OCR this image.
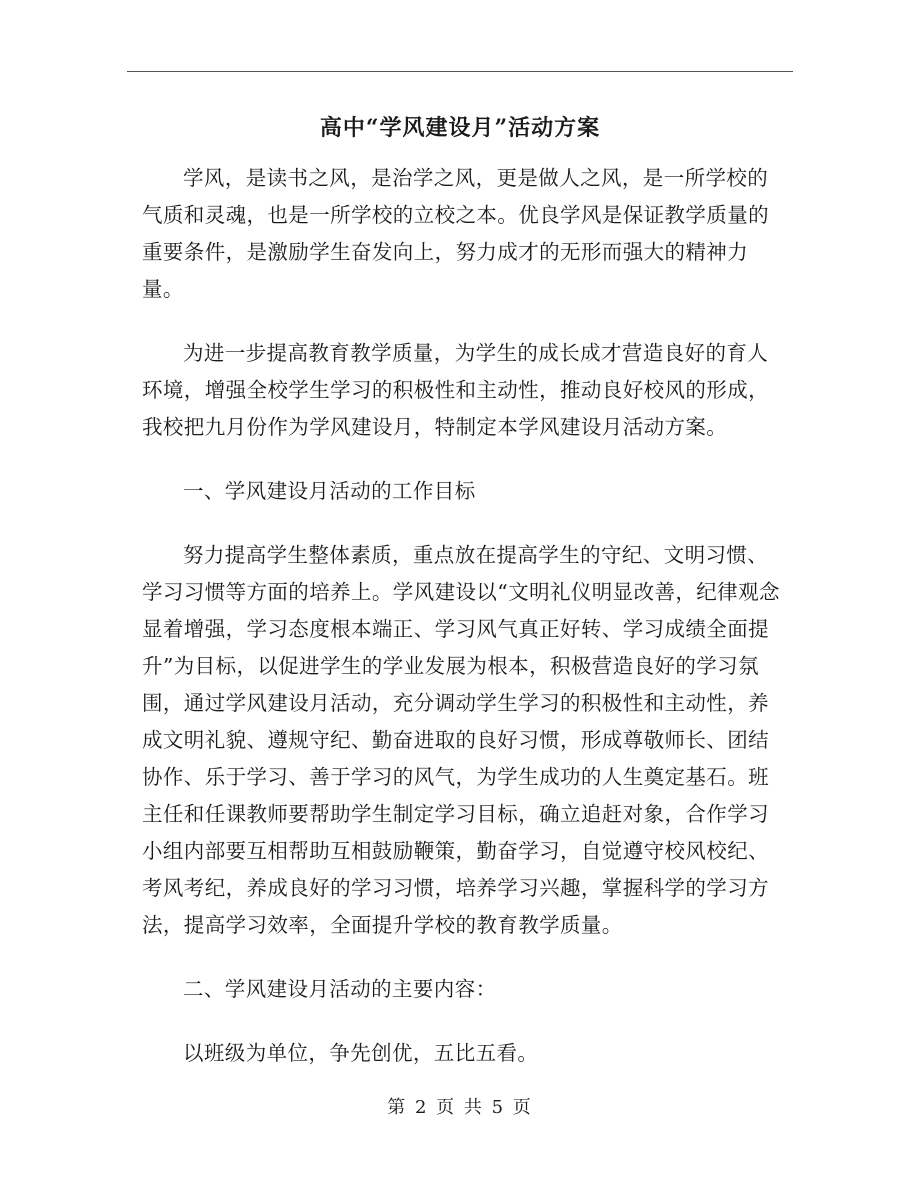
高中“学风建设月”活动方案

学风，是读书之风，是治学之风，更是做人之风，是一所学校的气质和灵魂，也是一所学校的立校之本。优良学风是保证教学质量的重要条件，是激励学生奋发向上，努力成才的无形而强大的精神力量。

为进一步提高教育教学质量，为学生的成长成才营造良好的育人环境，增强全校学生学习的积极性和主动性，推动良好校风的形成，我校把九月份作为学风建设月，特制定本学风建设月活动方案。

一、学风建设月活动的工作目标

努力提高学生整体素质，重点放在提高学生的守纪、文明习惯、学习习惯等方面的培养上。学风建设以“文明礼仪明显改善，纪律观念显着增强，学习态度根本端正、学习风气真正好转、学习成绩全面提升”为目标，以促进学生的学业发展为根本，积极营造良好的学习氛围，通过学风建设月活动，充分调动学生学习的积极性和主动性，养成文明礼貌、遵规守纪、勤奋进取的良好习惯，形成尊敬师长、团结协作、乐于学习、善于学习的风气，为学生成功的人生奠定基石。班主任和任课教师要帮助学生制定学习目标，确立追赶对象，合作学习小组内部要互相帮助互相鼓励鞭策，勤奋学习，自觉遵守校风校纪、考风考纪，养成良好的学习习惯，培养学习兴趣，掌握科学的学习方法，提高学习效率，全面提升学校的教育教学质量。

二、学风建设月活动的主要内容：

以班级为单位，争先创优，五比五看。

第 2 页 共 5 页
